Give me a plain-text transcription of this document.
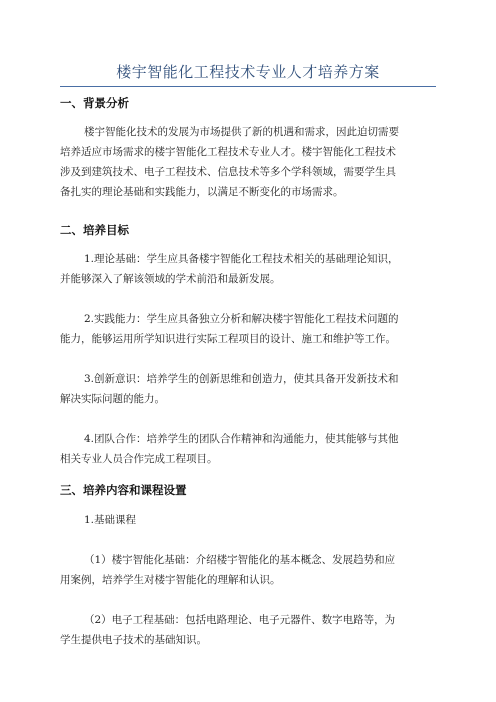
楼宇智能化工程技术专业人才培养方案
一、背景分析
楼宇智能化技术的发展为市场提供了新的机遇和需求，因此迫切需要
培养适应市场需求的楼宇智能化工程技术专业人才。楼宇智能化工程技术
涉及到建筑技术、电子工程技术、信息技术等多个学科领域，需要学生具
备扎实的理论基础和实践能力，以满足不断变化的市场需求。
二、培养目标
1.理论基础：学生应具备楼宇智能化工程技术相关的基础理论知识，
并能够深入了解该领域的学术前沿和最新发展。
2.实践能力：学生应具备独立分析和解决楼宇智能化工程技术问题的
能力，能够运用所学知识进行实际工程项目的设计、施工和维护等工作。
3.创新意识：培养学生的创新思维和创造力，使其具备开发新技术和
解决实际问题的能力。
4.团队合作：培养学生的团队合作精神和沟通能力，使其能够与其他
相关专业人员合作完成工程项目。
三、培养内容和课程设置
1.基础课程
（1）楼宇智能化基础：介绍楼宇智能化的基本概念、发展趋势和应
用案例，培养学生对楼宇智能化的理解和认识。
（2）电子工程基础：包括电路理论、电子元器件、数字电路等，为
学生提供电子技术的基础知识。
